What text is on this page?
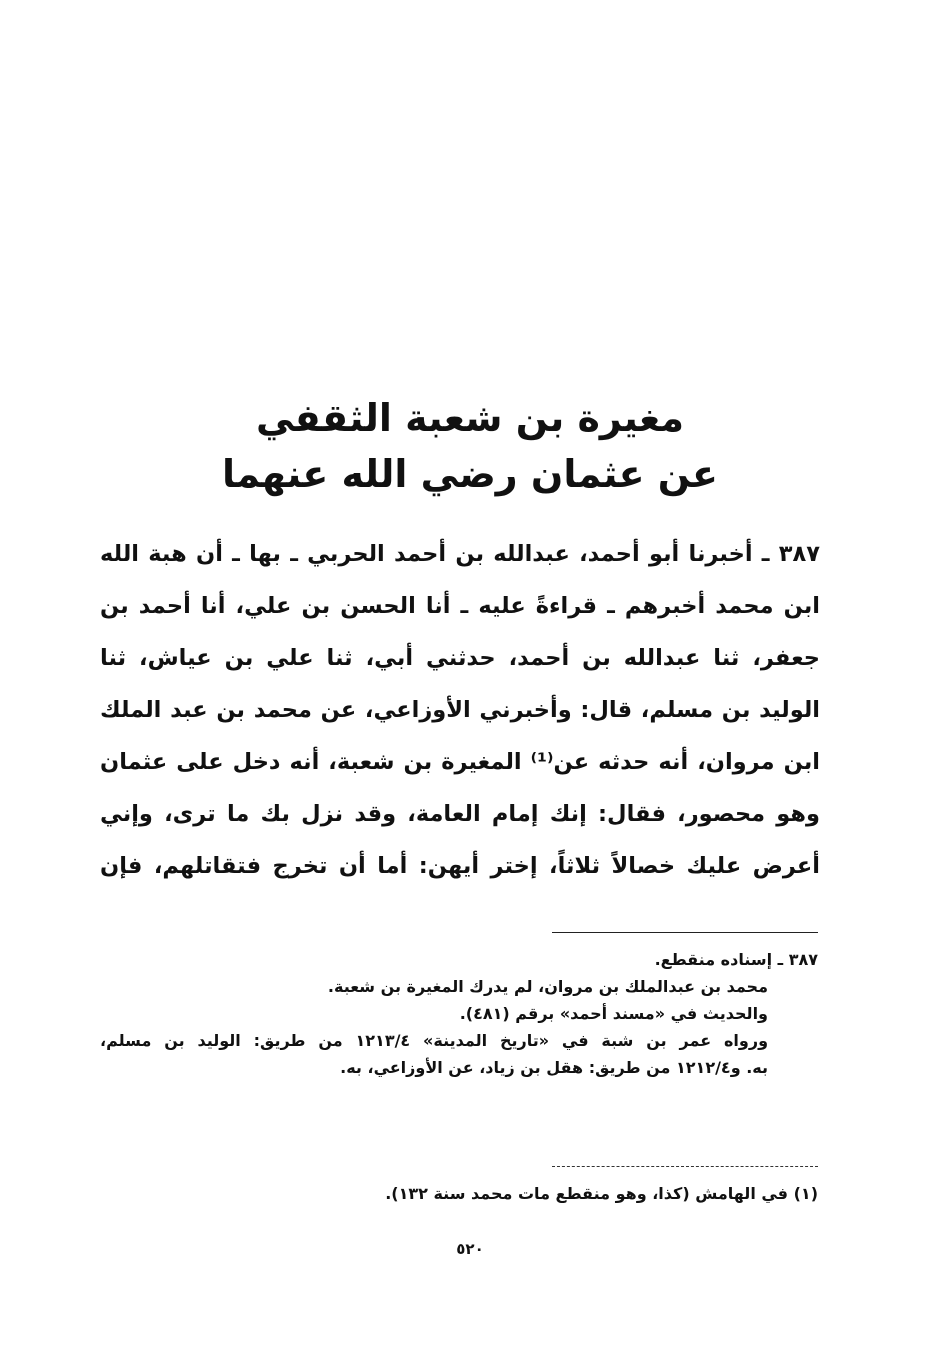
مغيرة بن شعبة الثقفي
عن عثمان رضي الله عنهما
٣٨٧ ـ أخبرنا أبو أحمد، عبدالله بن أحمد الحربي ـ بها ـ أن هبة الله
ابن محمد أخبرهم ـ قراءةً عليه ـ أنا الحسن بن علي، أنا أحمد بن
جعفر، ثنا عبدالله بن أحمد، حدثني أبي، ثنا علي بن عياش، ثنا
الوليد بن مسلم، قال: وأخبرني الأوزاعي، عن محمد بن عبد الملك
ابن مروان، أنه حدثه عن⁽¹⁾ المغيرة بن شعبة، أنه دخل على عثمان
وهو محصور، فقال: إنك إمام العامة، وقد نزل بك ما ترى، وإني
أعرض عليك خصالاً ثلاثاً، إختر أيهن: أما أن تخرج فتقاتلهم، فإن
٣٨٧ ـ إسناده منقطع.
محمد بن عبدالملك بن مروان، لم يدرك المغيرة بن شعبة.
والحديث في «مسند أحمد» برقم (٤٨١).
ورواه عمر بن شبة في «تاريخ المدينة» ١٢١٣/٤ من طريق: الوليد بن مسلم،
به. و١٢١٢/٤ من طريق: هقل بن زياد، عن الأوزاعي، به.
(١) في الهامش (كذا، وهو منقطع مات محمد سنة ١٣٢).
٥٢٠
